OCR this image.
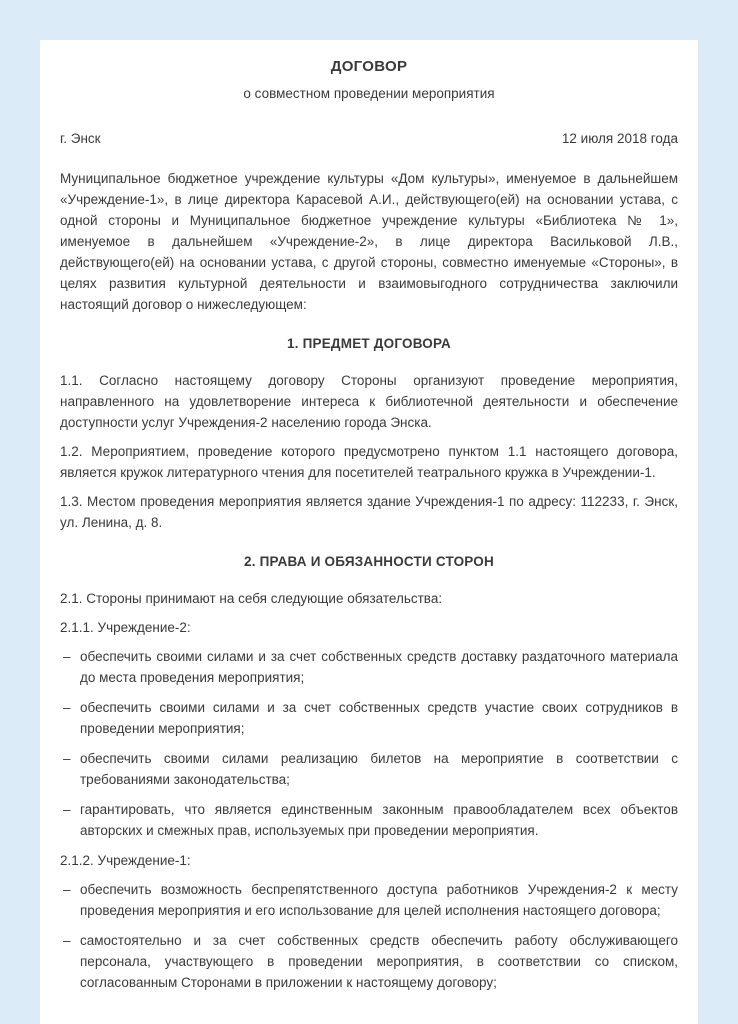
ДОГОВОР
о совместном проведении мероприятия
г. Энск	12 июля 2018 года

Муниципальное бюджетное учреждение культуры «Дом культуры», именуемое в дальнейшем «Учреждение-1», в лице директора Карасевой А.И., действующего(ей) на основании устава, с одной стороны и Муниципальное бюджетное учреждение культуры «Библиотека № 1», именуемое в дальнейшем «Учреждение-2», в лице директора Васильковой Л.В., действующего(ей) на основании устава, с другой стороны, совместно именуемые «Стороны», в целях развития культурной деятельности и взаимовыгодного сотрудничества заключили настоящий договор о нижеследующем:

1. ПРЕДМЕТ ДОГОВОРА

1.1. Согласно настоящему договору Стороны организуют проведение мероприятия, направленного на удовлетворение интереса к библиотечной деятельности и обеспечение доступности услуг Учреждения-2 населению города Энска.

1.2. Мероприятием, проведение которого предусмотрено пунктом 1.1 настоящего договора, является кружок литературного чтения для посетителей театрального кружка в Учреждении-1.

1.3. Местом проведения мероприятия является здание Учреждения-1 по адресу: 112233, г. Энск, ул. Ленина, д. 8.

2. ПРАВА И ОБЯЗАННОСТИ СТОРОН

2.1. Стороны принимают на себя следующие обязательства:

2.1.1. Учреждение-2:

– обеспечить своими силами и за счет собственных средств доставку раздаточного материала до места проведения мероприятия;
– обеспечить своими силами и за счет собственных средств участие своих сотрудников в проведении мероприятия;
– обеспечить своими силами реализацию билетов на мероприятие в соответствии с требованиями законодательства;
– гарантировать, что является единственным законным правообладателем всех объектов авторских и смежных прав, используемых при проведении мероприятия.

2.1.2. Учреждение-1:

– обеспечить возможность беспрепятственного доступа работников Учреждения-2 к месту проведения мероприятия и его использование для целей исполнения настоящего договора;
– самостоятельно и за счет собственных средств обеспечить работу обслуживающего персонала, участвующего в проведении мероприятия, в соответствии со списком, согласованным Сторонами в приложении к настоящему договору;
